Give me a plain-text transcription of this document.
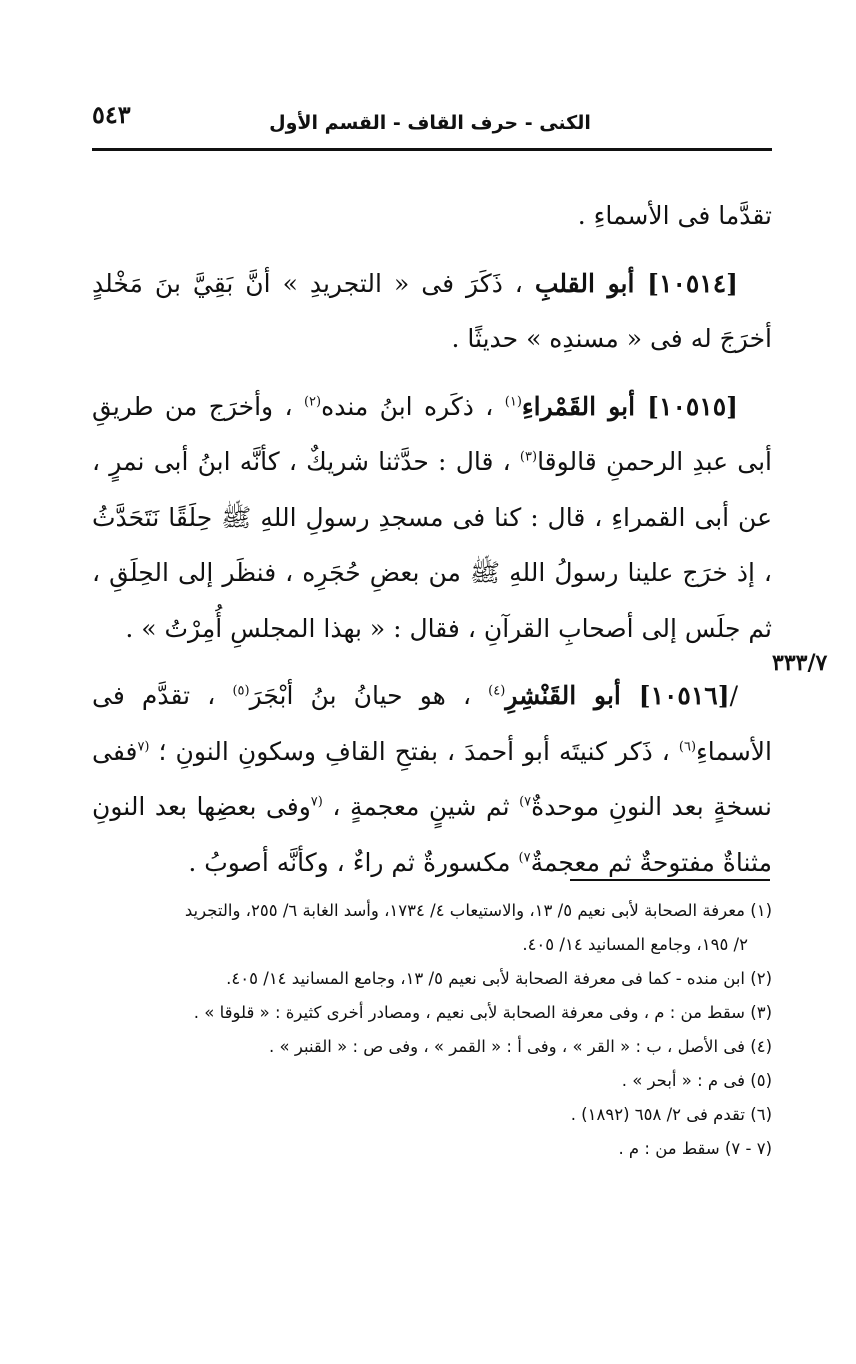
الكنى - حرف القاف - القسم الأول
٥٤٣
٣٣٣/٧

تقدَّما فى الأسماءِ .

[١٠٥١٤] أبو القلبِ ، ذَكَرَ فى « التجريدِ » أنَّ بَقِيَّ بنَ مَخْلدٍ أخرَجَ له فى « مسندِه » حديثًا .

[١٠٥١٥] أبو القَمْراءِ$^{(١)}$ ، ذكَره ابنُ منده$^{(٢)}$ ، وأخرَج من طريقِ أبى عبدِ الرحمنِ قالوقا$^{(٣)}$ ، قال : حدَّثنا شريكٌ ، كأنَّه ابنُ أبى نمرٍ ، عن أبى القمراءِ ، قال : كنا فى مسجدِ رسولِ اللهِ ﷺ حِلَقًا نَتَحَدَّثُ ، إذ خرَج علينا رسولُ اللهِ ﷺ من بعضِ حُجَرِه ، فنظَر إلى الحِلَقِ ، ثم جلَس إلى أصحابِ القرآنِ ، فقال : « بهذا المجلسِ أُمِرْتُ » .

/[١٠٥١٦] أبو القَنْشِرِ$^{(٤)}$ ، هو حيانُ بنُ أبْجَرَ$^{(٥)}$ ، تقدَّم فى الأسماءِ$^{(٦)}$ ، ذَكر كنيتَه أبو أحمدَ ، بفتحِ القافِ وسكونِ النونِ ؛ $^{(٧}$ففى نسخةٍ بعد النونِ موحدةٌ$^{٧)}$ ثم شينٍ معجمةٍ ، $^{(٧}$وفى بعضِها بعد النونِ مثناةٌ مفتوحةٌ ثم معجمةٌ$^{٧)}$ مكسورةٌ ثم راءٌ ، وكأنَّه أصوبُ .

(١) معرفة الصحابة لأبى نعيم ٥/ ١٣، والاستيعاب ٤/ ١٧٣٤، وأسد الغابة ٦/ ٢٥٥، والتجريد
٢/ ١٩٥، وجامع المسانيد ١٤/ ٤٠٥.
(٢) ابن منده - كما فى معرفة الصحابة لأبى نعيم ٥/ ١٣، وجامع المسانيد ١٤/ ٤٠٥.
(٣) سقط من : م ، وفى معرفة الصحابة لأبى نعيم ، ومصادر أخرى كثيرة : « قلوقا » .
(٤) فى الأصل ، ب : « القر » ، وفى أ : « القمر » ، وفى ص : « القنبر » .
(٥) فى م : « أبحر » .
(٦) تقدم فى ٢/ ٦٥٨ (١٨٩٢) .
(٧ - ٧) سقط من : م .
